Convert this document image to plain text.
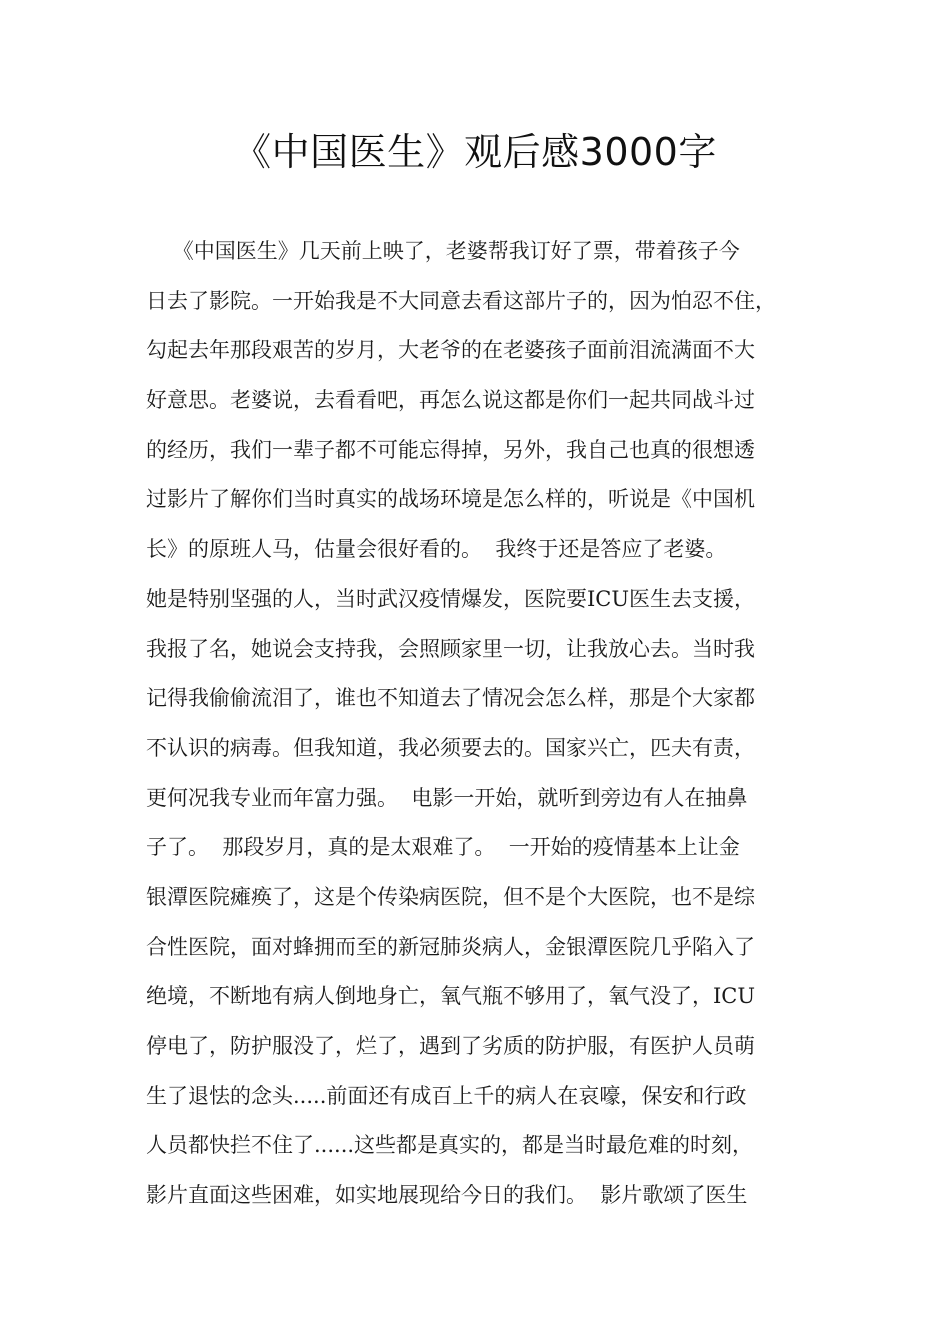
《中国医生》观后感3000字
《中国医生》几天前上映了，老婆帮我订好了票，带着孩子今
日去了影院。一开始我是不大同意去看这部片子的，因为怕忍不住，
勾起去年那段艰苦的岁月，大老爷的在老婆孩子面前泪流满面不大
好意思。老婆说，去看看吧，再怎么说这都是你们一起共同战斗过
的经历，我们一辈子都不可能忘得掉，另外，我自己也真的很想透
过影片了解你们当时真实的战场环境是怎么样的，听说是《中国机
长》的原班人马，估量会很好看的。  我终于还是答应了老婆。
她是特别坚强的人，当时武汉疫情爆发，医院要ICU医生去支援，
我报了名，她说会支持我，会照顾家里一切，让我放心去。当时我
记得我偷偷流泪了，谁也不知道去了情况会怎么样，那是个大家都
不认识的病毒。但我知道，我必须要去的。国家兴亡，匹夫有责，
更何况我专业而年富力强。  电影一开始，就听到旁边有人在抽鼻
子了。  那段岁月，真的是太艰难了。  一开始的疫情基本上让金
银潭医院瘫痪了，这是个传染病医院，但不是个大医院，也不是综
合性医院，面对蜂拥而至的新冠肺炎病人，金银潭医院几乎陷入了
绝境，不断地有病人倒地身亡，氧气瓶不够用了，氧气没了，ICU
停电了，防护服没了，烂了，遇到了劣质的防护服，有医护人员萌
生了退怯的念头.....前面还有成百上千的病人在哀嚎，保安和行政
人员都快拦不住了......这些都是真实的，都是当时最危难的时刻，
影片直面这些困难，如实地展现给今日的我们。  影片歌颂了医生
